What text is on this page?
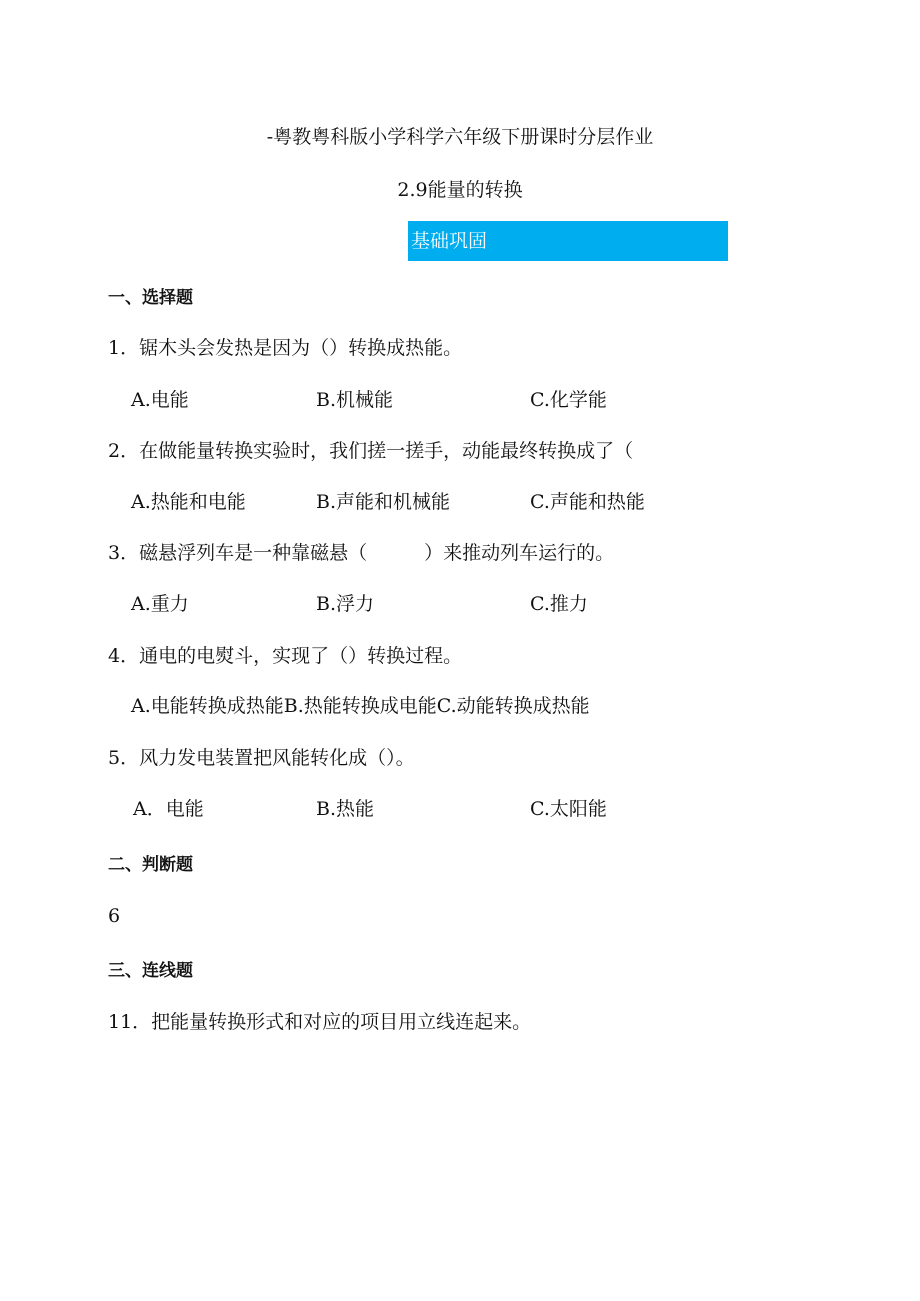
-粤教粤科版小学科学六年级下册课时分层作业
2.9能量的转换
基础巩固
一、选择题
1．锯木头会发热是因为（）转换成热能。
A.电能	B.机械能	C.化学能
2．在做能量转换实验时，我们搓一搓手，动能最终转换成了（
A.热能和电能	B.声能和机械能	C.声能和热能
3．磁悬浮列车是一种靠磁悬（　　　）来推动列车运行的。
A.重力	B.浮力	C.推力
4．通电的电熨斗，实现了（）转换过程。
A.电能转换成热能B.热能转换成电能C.动能转换成热能
5．风力发电装置把风能转化成（）。
A．电能	B.热能	C.太阳能
二、判断题
6
三、连线题
11．把能量转换形式和对应的项目用立线连起来。
